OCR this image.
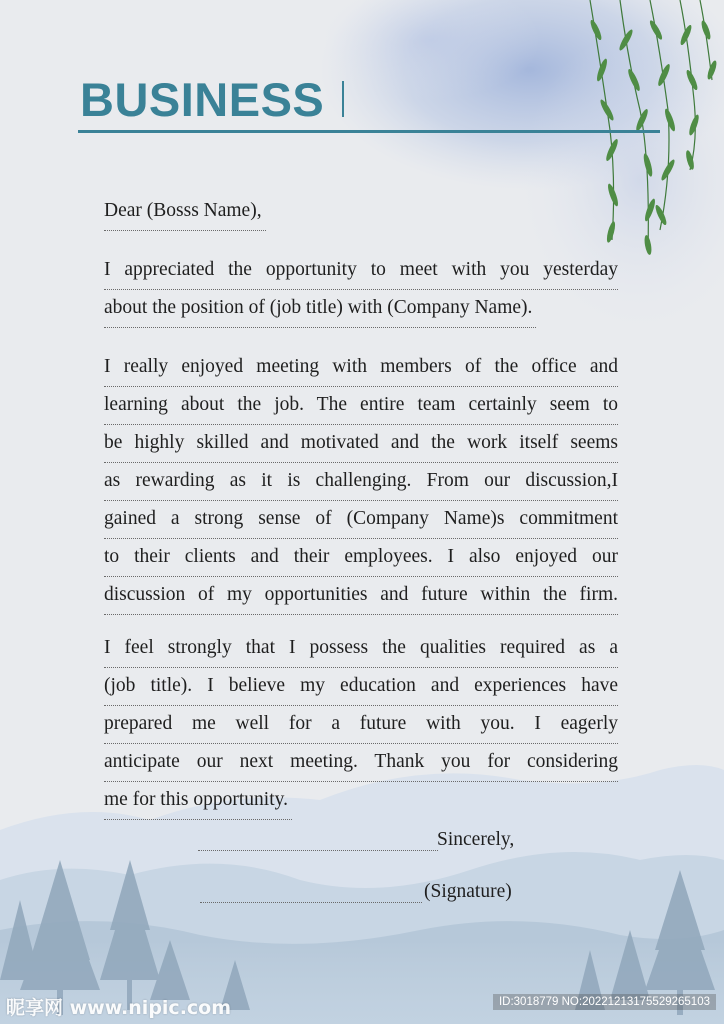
BUSINESS
Dear (Bosss Name),
I appreciated the opportunity to meet with you yesterday
about the position of (job title) with (Company Name).
I really enjoyed meeting with members of the office and
learning about the job. The entire team certainly seem to
be highly skilled and motivated and the work itself seems
as rewarding as it is challenging. From our discussion,I
gained a strong sense of (Company Name)s commitment
to their clients and their employees. I also enjoyed our
discussion of my opportunities and future within the firm.
I feel strongly that I possess the qualities required as a
(job title). I believe my education and experiences have
prepared me well for a future with you. I eagerly
anticipate our next meeting. Thank you for considering
me for this opportunity.
Sincerely,
(Signature)
昵享网 www.nipic.com	ID:3018779 NO:20221213175529265103
